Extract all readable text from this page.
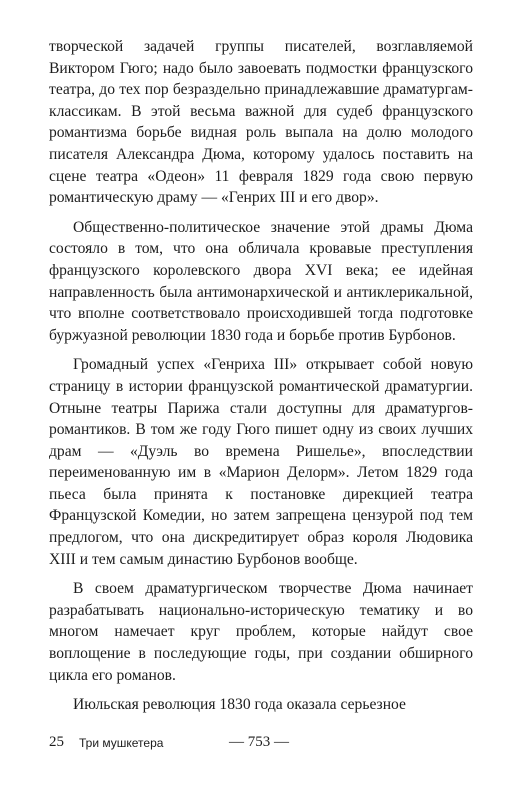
творческой задачей группы писателей, возглавляемой Виктором Гюго; надо было завоевать подмостки французского театра, до тех пор безраздельно принадлежавшие драматургам-классикам. В этой весьма важной для судеб французского романтизма борьбе видная роль выпала на долю молодого писателя Александра Дюма, которому удалось поставить на сцене театра «Одеон» 11 февраля 1829 года свою первую романтическую драму — «Генрих III и его двор».

Общественно-политическое значение этой драмы Дюма состояло в том, что она обличала кровавые преступления французского королевского двора XVI века; ее идейная направленность была антимонархической и антиклерикальной, что вполне соответствовало происходившей тогда подготовке буржуазной революции 1830 года и борьбе против Бурбонов.

Громадный успех «Генриха III» открывает собой новую страницу в истории французской романтической драматургии. Отныне театры Парижа стали доступны для драматургов-романтиков. В том же году Гюго пишет одну из своих лучших драм — «Дуэль во времена Ришелье», впоследствии переименованную им в «Марион Делорм». Летом 1829 года пьеса была принята к постановке дирекцией театра Французской Комедии, но затем запрещена цензурой под тем предлогом, что она дискредитирует образ короля Людовика XIII и тем самым династию Бурбонов вообще.

В своем драматургическом творчестве Дюма начинает разрабатывать национально-историческую тематику и во многом намечает круг проблем, которые найдут свое воплощение в последующие годы, при создании обширного цикла его романов.

Июльская революция 1830 года оказала серьезное

25 Три мушкетера	— 753 —
